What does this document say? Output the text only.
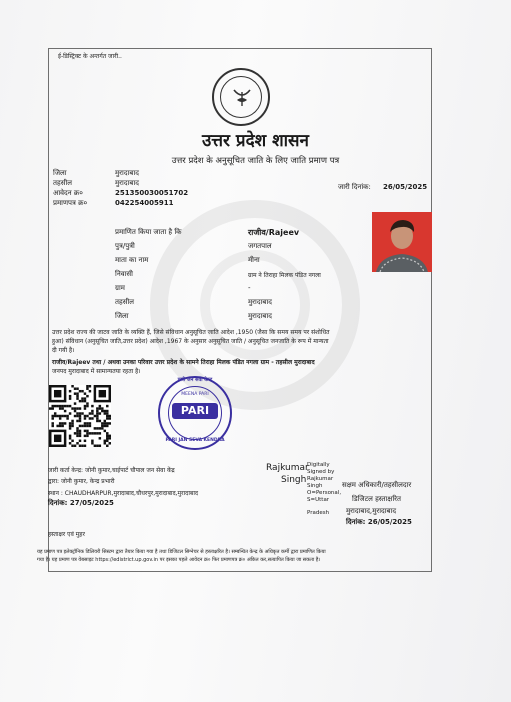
ई-डिस्ट्रिक्ट के अन्तर्गत जारी..
उत्तर प्रदेश शासन
उत्तर प्रदेश के अनुसूचित जाति के लिए जाति प्रमाण पत्र
जिला	मुरादाबाद
तहसील	मुरादाबाद
आवेदन क्र०	251350030051702
प्रमाणपत्र क्र०	042254005911
जारी दिनांक: 26/05/2025
प्रमाणित किया जाता है कि	राजीव/Rajeev
पुत्र/पुत्री	जगतपाल
माता का नाम	मीना
निवासी	ग्राम ने तिराहा मिलक पंडित नगला
ग्राम	-
तहसील	मुरादाबाद
जिला	मुरादाबाद
उत्तर प्रदेश राज्य की जाटव जाति के व्यक्ति हैं, जिसे संविधान अनुसूचित जाति आदेश ,1950 (जैसा कि समय समय पर संशोधित
हुआ) संविधान (अनुसूचित जाति,उत्तर प्रदेश) आदेश ,1967 के अनुसार अनुसूचित जाति / अनुसूचित जनजाति के रूप में मान्यता
दी गयी है।
राजीव/Rajeev तथा / अथवा उनका परिवार उत्तर प्रदेश के सामने तिराहा मिलक पंडित नगला ग्राम - तहसील मुरादाबाद
जनपद मुरादाबाद में सामान्यतया रहता है।
पारी जन सेवा केन्द्र
MEENA PARI
PARI
PARI JAN SEVA KENDRA
जारी कर्ता केन्द्र: जोनी कुमार,चाईपार्ट चौपाल जन सेवा केंद्र
द्वारा: जोनी कुमार, केन्द्र प्रभारी
स्थान : CHAUDHARPUR,मुरादाबाद,चौधरपुर,मुरादाबाद,मुरादाबाद
दिनांक: 27/05/2025
Rajkumar
Singh
Digitally
Signed by
Rajkumar
Singh
O=Personal,
S=Uttar
Pradesh
सक्षम अधिकारी/तहसीलदार
डिजिटल हस्ताक्षरित
मुरादाबाद,मुरादाबाद
दिनांक: 26/05/2025
हस्ताक्षर एवं मुहर
यह प्रमाण पत्र इलेक्ट्रॉनिक डिलिवरी सिस्टम द्वारा तैयार किया गया है तथा डिजिटल सिग्नेचर से हस्ताक्षरित है। सम्बन्धित केन्द्र के अधिकृत कर्मी द्वारा प्रमाणित किया
गया है। यह प्रमाण पत्र वेबसाइट https://edistrict.up.gov.in पर इसका पहले आवेदन क्र० फिर प्रमाणपत्र क्र० अंकित कर,सत्यापित किया जा सकता है।
